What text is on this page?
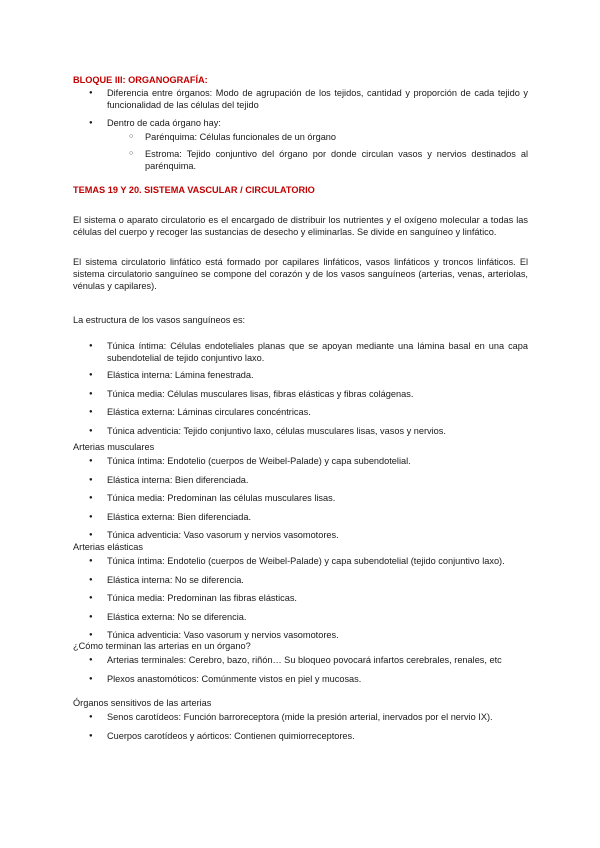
BLOQUE III: ORGANOGRAFÍA:
● Diferencia entre órganos: Modo de agrupación de los tejidos, cantidad y proporción de cada tejido y funcionalidad de las células del tejido
● Dentro de cada órgano hay:
○ Parénquima: Células funcionales de un órgano
○ Estroma: Tejido conjuntivo del órgano por donde circulan vasos y nervios destinados al parénquima.
TEMAS 19 Y 20. SISTEMA VASCULAR / CIRCULATORIO
El sistema o aparato circulatorio es el encargado de distribuir los nutrientes y el oxígeno molecular a todas las células del cuerpo y recoger las sustancias de desecho y eliminarlas. Se divide en sanguíneo y linfático.
El sistema circulatorio linfático está formado por capilares linfáticos, vasos linfáticos y troncos linfáticos. El sistema circulatorio sanguíneo se compone del corazón y de los vasos sanguíneos (arterias, venas, arteriolas, vénulas y capilares).
La estructura de los vasos sanguíneos es:
● Túnica íntima: Células endoteliales planas que se apoyan mediante una lámina basal en una capa subendotelial de tejido conjuntivo laxo.
● Elástica interna: Lámina fenestrada.
● Túnica media: Células musculares lisas, fibras elásticas y fibras colágenas.
● Elástica externa: Láminas circulares concéntricas.
● Túnica adventicia: Tejido conjuntivo laxo, células musculares lisas, vasos y nervios.
Arterias musculares
● Túnica íntima: Endotelio (cuerpos de Weibel-Palade) y capa subendotelial.
● Elástica interna: Bien diferenciada.
● Túnica media: Predominan las células musculares lisas.
● Elástica externa: Bien diferenciada.
● Túnica adventicia: Vaso vasorum y nervios vasomotores.
Arterias elásticas
● Túnica íntima: Endotelio (cuerpos de Weibel-Palade) y capa subendotelial (tejido conjuntivo laxo).
● Elástica interna: No se diferencia.
● Túnica media: Predominan las fibras elásticas.
● Elástica externa: No se diferencia.
● Túnica adventicia: Vaso vasorum y nervios vasomotores.
¿Cómo terminan las arterias en un órgano?
● Arterias terminales: Cerebro, bazo, riñón… Su bloqueo povocará infartos cerebrales, renales, etc
● Plexos anastomóticos: Comúnmente vistos en piel y mucosas.
Órganos sensitivos de las arterias
● Senos carotídeos: Función barroreceptora (mide la presión arterial, inervados por el nervio IX).
● Cuerpos carotídeos y aórticos: Contienen quimiorreceptores.
